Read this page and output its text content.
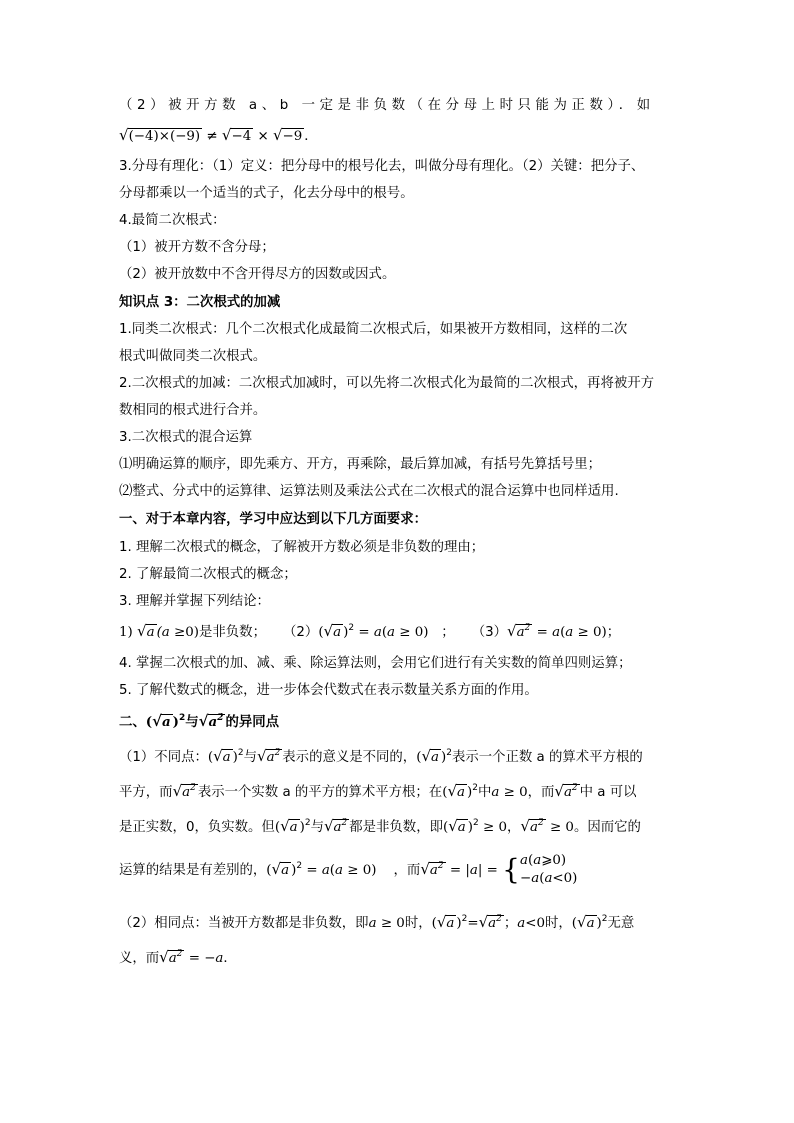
（2）被开方数 a、b 一定是非负数（在分母上时只能为正数）．如
√(−4)×(−9) ≠ √−4 × √−9 ．
3.分母有理化：（1）定义：把分母中的根号化去，叫做分母有理化。（2）关键：把分子、
分母都乘以一个适当的式子，化去分母中的根号。
4.最简二次根式：
（1）被开方数不含分母；
（2）被开放数中不含开得尽方的因数或因式。
知识点 3：二次根式的加减
1.同类二次根式：几个二次根式化成最简二次根式后，如果被开方数相同，这样的二次
根式叫做同类二次根式。
2.二次根式的加减：二次根式加减时，可以先将二次根式化为最简的二次根式，再将被开方
数相同的根式进行合并。
3.二次根式的混合运算
⑴明确运算的顺序，即先乘方、开方，再乘除，最后算加减，有括号先算括号里；
⑵整式、分式中的运算律、运算法则及乘法公式在二次根式的混合运算中也同样适用.
一、对于本章内容，学习中应达到以下几方面要求：
1. 理解二次根式的概念，了解被开方数必须是非负数的理由；
2. 了解最简二次根式的概念；
3. 理解并掌握下列结论：
1) √a (a ≥0)是非负数； （2）(√a )$^2$ = a(a ≥ 0)   ；    $(3)√a^2 = a(a \ge 0)$；
4. 掌握二次根式的加、减、乘、除运算法则，会用它们进行有关实数的简单四则运算；
5. 了解代数式的概念，进一步体会代数式在表示数量关系方面的作用。
二、(√a )$^2$与$√a^2$ 的异同点
（1）不同点：(√a )$^2$与$√a^2$ 表示的意义是不同的，(√a )$^2$表示一个正数 a 的算术平方根的
平方，而$√a^2$ 表示一个实数 a 的平方的算术平方根；在(√a )$^2$中a ≥ 0，而$√a^2$ 中 a 可以
是正实数，0，负实数。但(√a )$^2$与$√a^2$ 都是非负数，即(√a )$^2$ ≥ 0，$√a^2 \ge 0$。因而它的
运算的结果是有差别的，(√a )$^2$ = a(a ≥ 0) ，而$√a^2 = |a|$ = { a(a⩾0)
−a(a<0)
（2）相同点：当被开方数都是非负数，即a ≥ 0时，(√a )$^2=√a^2$ ；a<0时，(√a )$^2$无意
义，而$√a^2 = -a$．
